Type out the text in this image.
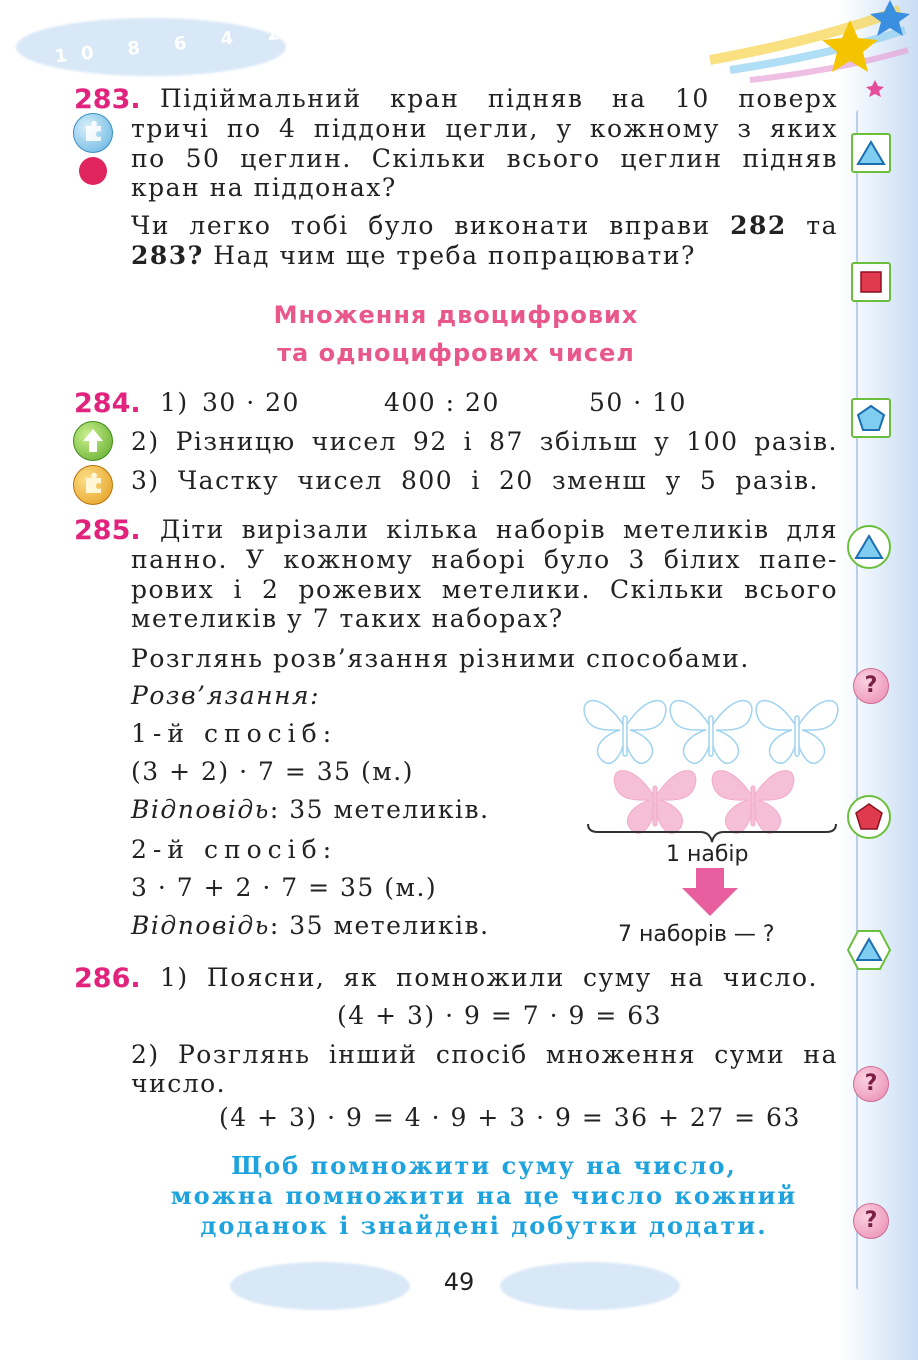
10 8 6 4 2
?
?
?
283. Підіймальний кран підняв на 10 поверх
тричі по 4 піддони цегли, у кожному з яких
по 50 цеглин. Скільки всього цеглин підняв
кран на піддонах?
Чи легко тобі було виконати вправи 282 та
283? Над чим ще треба попрацювати?
Множення двоцифрових
та одноцифрових чисел
284. 1) 30 · 20	400 : 20	50 · 10
2) Різницю чисел 92 і 87 збільш у 100 разів.
3) Частку чисел 800 і 20 зменш у 5 разів.
285. Діти вирізали кілька наборів метеликів для
панно. У кожному наборі було 3 білих папе-
рових і 2 рожевих метелики. Скільки всього
метеликів у 7 таких наборах?
Розглянь розв’язання різними способами.
Розв’язання:
1-й спосіб:
(3 + 2) · 7 = 35 (м.)
Відповідь: 35 метеликів.
2-й спосіб:
3 · 7 + 2 · 7 = 35 (м.)
Відповідь: 35 метеликів.
1 набір
7 наборів — ?
286. 1) Поясни, як помножили суму на число.
(4 + 3) · 9 = 7 · 9 = 63
2) Розглянь інший спосіб множення суми на
число.
(4 + 3) · 9 = 4 · 9 + 3 · 9 = 36 + 27 = 63
Щоб помножити суму на число,
можна помножити на це число кожний
доданок і знайдені добутки додати.
49
